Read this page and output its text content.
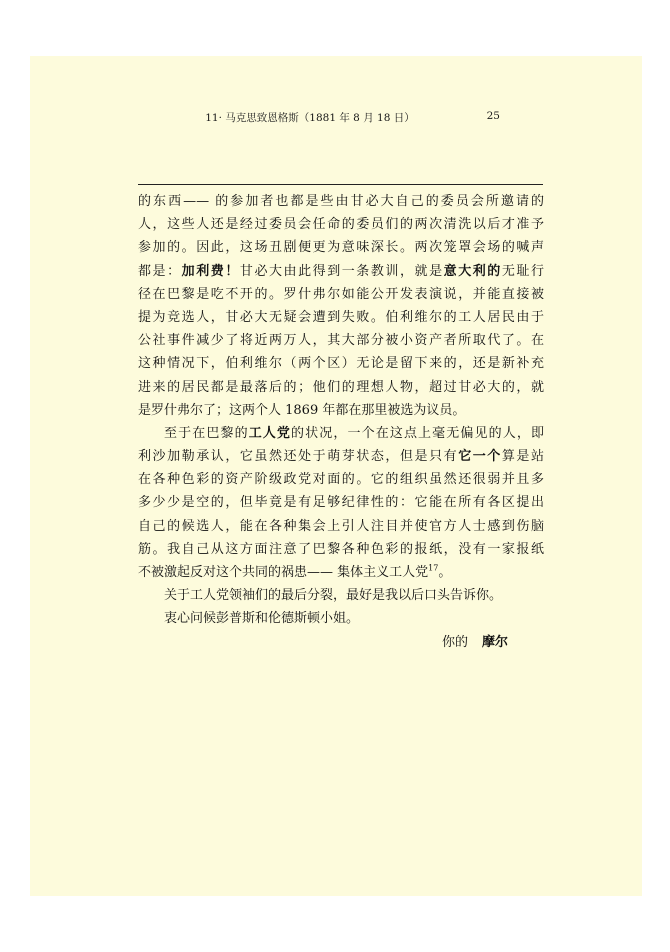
11· 马克思致恩格斯（1881 年 8 月 18 日）	25
的东西—— 的参加者也都是些由甘必大自己的委员会所邀请的
人，这些人还是经过委员会任命的委员们的两次清洗以后才准予
参加的。因此，这场丑剧便更为意味深长。两次笼罩会场的喊声
都是：加利费！甘必大由此得到一条教训，就是意大利的无耻行
径在巴黎是吃不开的。罗什弗尔如能公开发表演说，并能直接被
提为竞选人，甘必大无疑会遭到失败。伯利维尔的工人居民由于
公社事件减少了将近两万人，其大部分被小资产者所取代了。在
这种情况下，伯利维尔（两个区）无论是留下来的，还是新补充
进来的居民都是最落后的；他们的理想人物，超过甘必大的，就
是罗什弗尔了；这两个人 1869 年都在那里被选为议员。
至于在巴黎的工人党的状况，一个在这点上毫无偏见的人，即
利沙加勒承认，它虽然还处于萌芽状态，但是只有它一个算是站
在各种色彩的资产阶级政党对面的。它的组织虽然还很弱并且多
多少少是空的，但毕竟是有足够纪律性的：它能在所有各区提出
自己的候选人，能在各种集会上引人注目并使官方人士感到伤脑
筋。我自己从这方面注意了巴黎各种色彩的报纸，没有一家报纸
不被激起反对这个共同的祸患—— 集体主义工人党$^{17}$。
关于工人党领袖们的最后分裂，最好是我以后口头告诉你。
衷心问候彭普斯和伦德斯顿小姐。
你的 摩尔
